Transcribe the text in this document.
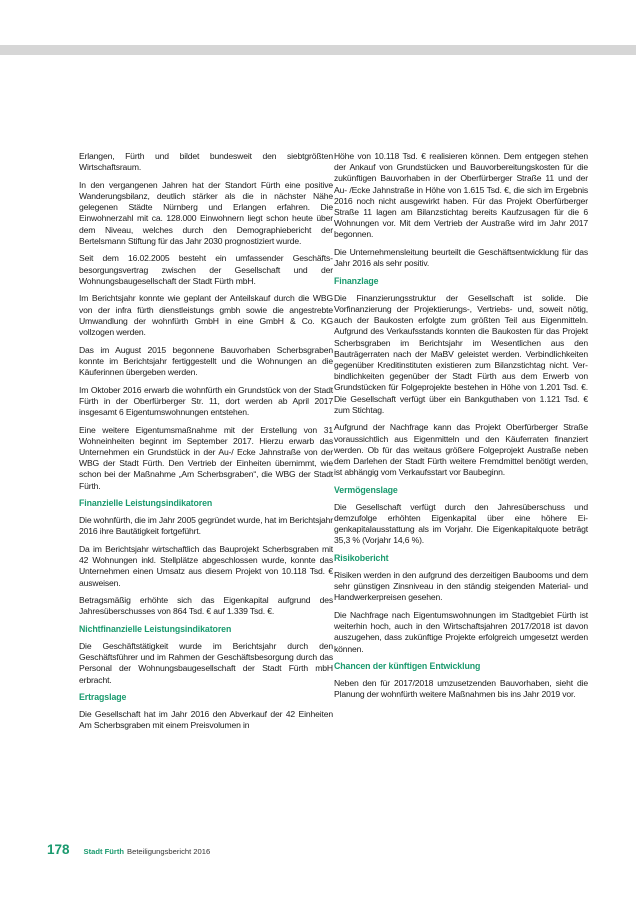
Erlangen, Fürth und bildet bundesweit den siebtgrößten Wirtschaftsraum.

In den vergangenen Jahren hat der Standort Fürth eine positive Wanderungsbilanz, deutlich stärker als die in nächster Nähe gelegenen Städte Nürnberg und Erlangen erfahren. Die Einwohnerzahl mit ca. 128.000 Einwohnern liegt schon heute über dem Niveau, welches durch den Demographiebericht der Bertelsmann Stiftung für das Jahr 2030 prognostiziert wurde.

Seit dem 16.02.2005 besteht ein umfassender Geschäftsbesorgungsvertrag zwischen der Gesellschaft und der Wohnungsbaugesellschaft der Stadt Fürth mbH.

Im Berichtsjahr konnte wie geplant der Anteilskauf durch die WBG von der infra fürth dienstleistungs gmbh sowie die angestrebte Umwandlung der wohnfürth GmbH in eine GmbH & Co. KG vollzogen werden.

Das im August 2015 begonnene Bauvorhaben Scherbsgraben konnte im Berichtsjahr fertiggestellt und die Wohnungen an die Käuferinnen übergeben werden.

Im Oktober 2016 erwarb die wohnfürth ein Grundstück von der Stadt Fürth in der Oberfürberger Str. 11, dort werden ab April 2017 insgesamt 6 Eigentumswohnungen entstehen.

Eine weitere Eigentumsmaßnahme mit der Erstellung von 31 Wohneinheiten beginnt im September 2017. Hierzu erwarb das Unternehmen ein Grundstück in der Au-/ Ecke Jahnstraße von der WBG der Stadt Fürth. Den Vertrieb der Einheiten übernimmt, wie schon bei der Maßnahme „Am Scherbsgraben“, die WBG der Stadt Fürth.

Finanzielle Leistungsindikatoren

Die wohnfürth, die im Jahr 2005 gegründet wurde, hat im Berichtsjahr 2016 ihre Bautätigkeit fortgeführt.

Da im Berichtsjahr wirtschaftlich das Bauprojekt Scherbsgraben mit 42 Wohnungen inkl. Stellplätze abgeschlossen wurde, konnte das Unternehmen einen Umsatz aus diesem Projekt von 10.118 Tsd. € ausweisen.

Betragsmäßig erhöhte sich das Eigenkapital aufgrund des Jahresüberschusses von 864 Tsd. € auf 1.339 Tsd. €.

Nichtfinanzielle Leistungsindikatoren

Die Geschäftstätigkeit wurde im Berichtsjahr durch den Geschäftsführer und im Rahmen der Geschäftsbesorgung durch das Personal der Wohnungsbaugesellschaft der Stadt Fürth mbH erbracht.

Ertragslage

Die Gesellschaft hat im Jahr 2016 den Abverkauf der 42 Einheiten Am Scherbsgraben mit einem Preisvolumen in

Höhe von 10.118 Tsd. € realisieren können. Dem entgegen stehen der Ankauf von Grundstücken und Bauvorbereitungskosten für die zukünftigen Bauvorhaben in der Oberfürberger Straße 11 und der Au- /Ecke Jahnstraße in Höhe von 1.615 Tsd. €, die sich im Ergebnis 2016 noch nicht ausgewirkt haben. Für das Projekt Oberfürberger Straße 11 lagen am Bilanzstichtag bereits Kaufzusagen für die 6 Wohnungen vor. Mit dem Vertrieb der Austraße wird im Jahr 2017 begonnen.

Die Unternehmensleitung beurteilt die Geschäftsentwicklung für das Jahr 2016 als sehr positiv.

Finanzlage

Die Finanzierungsstruktur der Gesellschaft ist solide. Die Vorfinanzierung der Projektierungs-, Vertriebs- und, soweit nötig, auch der Baukosten erfolgte zum größten Teil aus Eigenmitteln. Aufgrund des Verkaufsstands konnten die Baukosten für das Projekt Scherbsgraben im Berichtsjahr im Wesentlichen aus den Bauträgerraten nach der MaBV geleistet werden. Verbindlichkeiten gegenüber Kreditinstituten existieren zum Bilanzstichtag nicht. Verbindlichkeiten gegenüber der Stadt Fürth aus dem Erwerb von Grundstücken für Folgeprojekte bestehen in Höhe von 1.201 Tsd. €. Die Gesellschaft verfügt über ein Bankguthaben von 1.121 Tsd. € zum Stichtag.

Aufgrund der Nachfrage kann das Projekt Oberfürberger Straße voraussichtlich aus Eigenmitteln und den Käuferraten finanziert werden. Ob für das weitaus größere Folgeprojekt Austraße neben dem Darlehen der Stadt Fürth weitere Fremdmittel benötigt werden, ist abhängig vom Verkaufsstart vor Baubeginn.

Vermögenslage

Die Gesellschaft verfügt durch den Jahresüberschuss und demzufolge erhöhten Eigenkapital über eine höhere Eigenkapitalausstattung als im Vorjahr. Die Eigenkapitalquote beträgt 35,3 % (Vorjahr 14,6 %).

Risikobericht

Risiken werden in den aufgrund des derzeitigen Baubooms und dem sehr günstigen Zinsniveau in den ständig steigenden Material- und Handwerkerpreisen gesehen.

Die Nachfrage nach Eigentumswohnungen im Stadtgebiet Fürth ist weiterhin hoch, auch in den Wirtschaftsjahren 2017/2018 ist davon auszugehen, dass zukünftige Projekte erfolgreich umgesetzt werden können.

Chancen der künftigen Entwicklung

Neben den für 2017/2018 umzusetzenden Bauvorhaben, sieht die Planung der wohnfürth weitere Maßnahmen bis ins Jahr 2019 vor.

178 Stadt Fürth Beteiligungsbericht 2016
